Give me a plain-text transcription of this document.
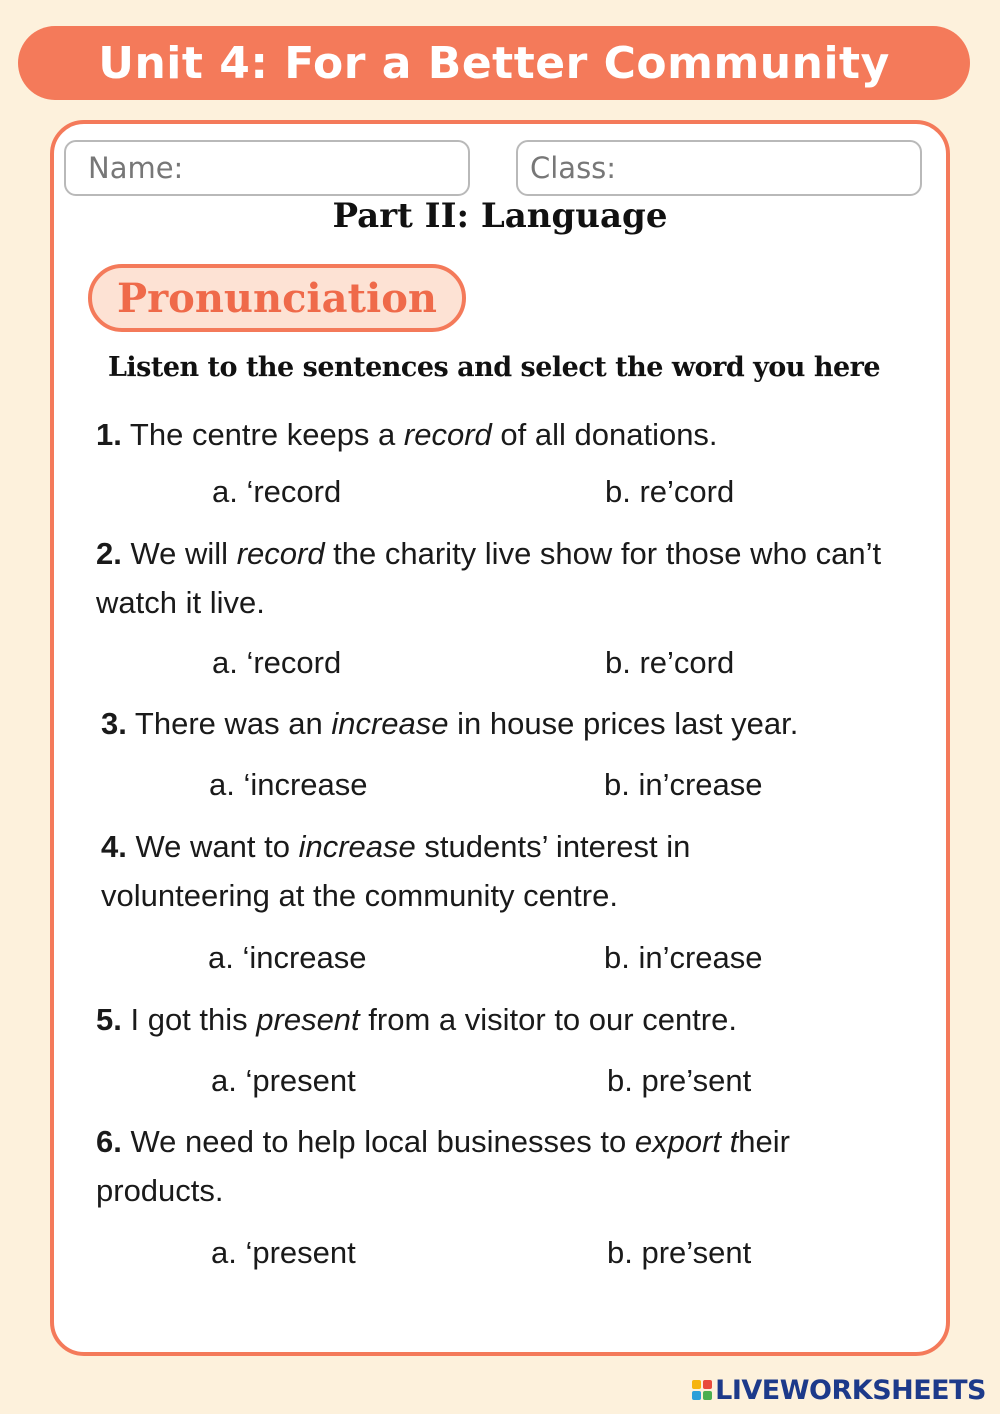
Unit 4: For a Better Community
Name:	Class:
Part II: Language
Pronunciation
Listen to the sentences and select the word you here
1. The centre keeps a record of all donations.
a. ‘record	b. re’cord
2. We will record the charity live show for those who can’t watch it live.
a. ‘record	b. re’cord
3. There was an increase in house prices last year.
a. ‘increase	b. in’crease
4. We want to increase students’ interest in volunteering at the community centre.
a. ‘increase	b. in’crease
5. I got this present from a visitor to our centre.
a. ‘present	b. pre’sent
6. We need to help local businesses to export their products.
a. ‘present	b. pre’sent
LIVEWORKSHEETS
